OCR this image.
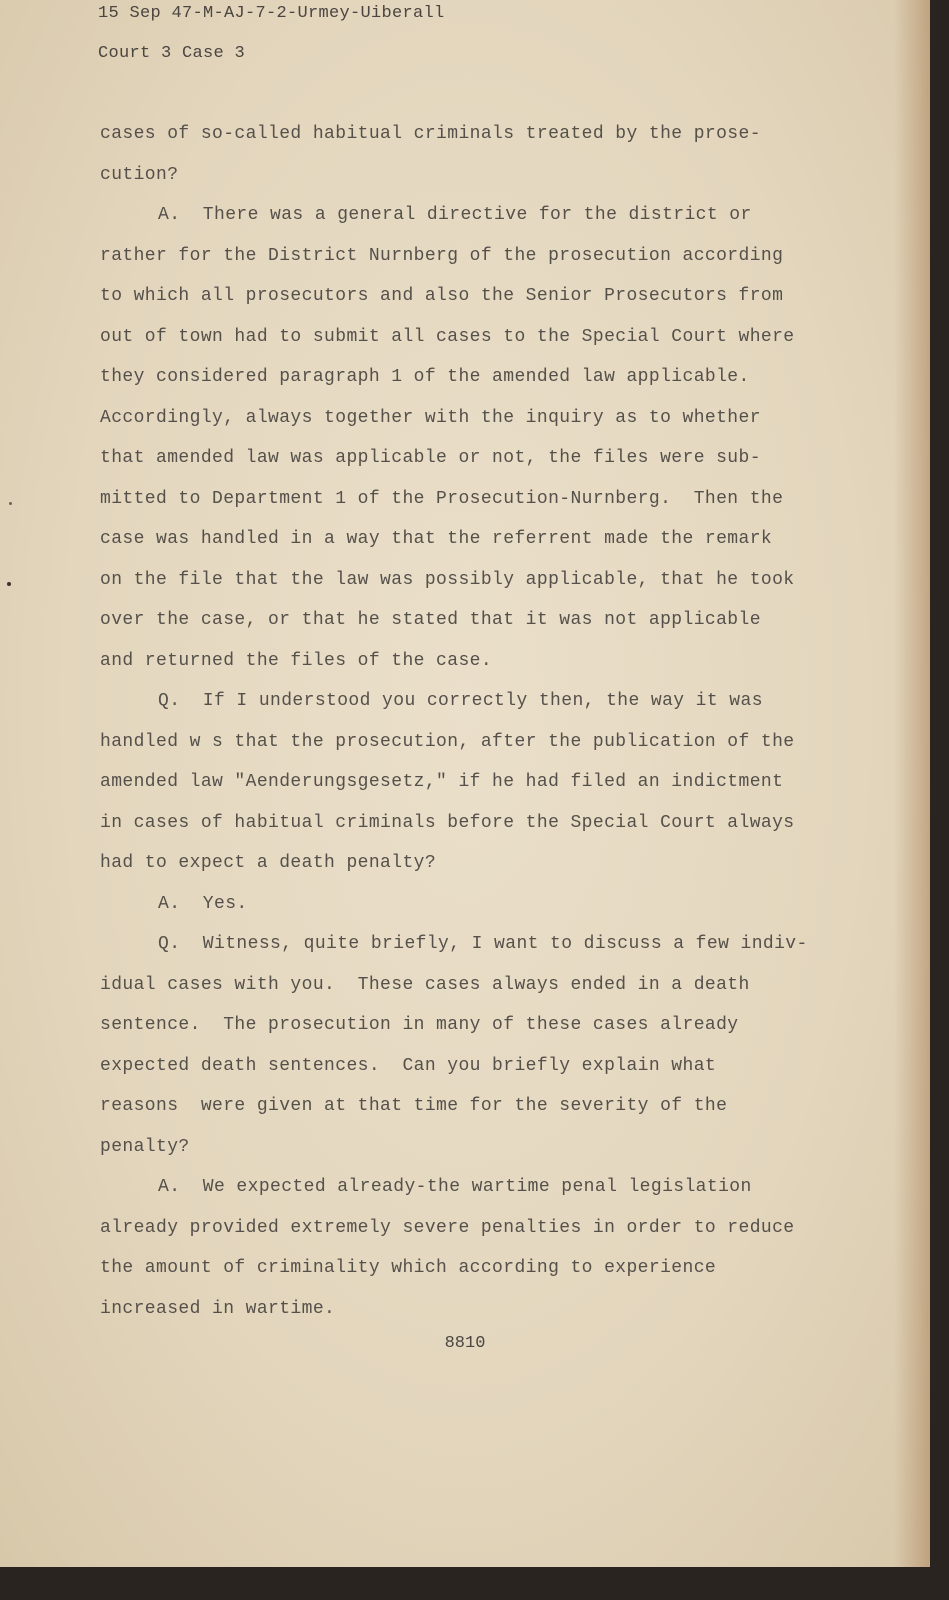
15 Sep 47-M-AJ-7-2-Urmey-Uiberall
Court 3 Case 3
cases of so-called habitual criminals treated by the prose-
cution?
A.  There was a general directive for the district or
rather for the District Nurnberg of the prosecution according
to which all prosecutors and also the Senior Prosecutors from
out of town had to submit all cases to the Special Court where
they considered paragraph 1 of the amended law applicable.
Accordingly, always together with the inquiry as to whether
that amended law was applicable or not, the files were sub-
mitted to Department 1 of the Prosecution-Nurnberg.  Then the
case was handled in a way that the referrent made the remark
on the file that the law was possibly applicable, that he took
over the case, or that he stated that it was not applicable
and returned the files of the case.
Q.  If I understood you correctly then, the way it was
handled w s that the prosecution, after the publication of the
amended law "Aenderungsgesetz," if he had filed an indictment
in cases of habitual criminals before the Special Court always
had to expect a death penalty?
A.  Yes.
Q.  Witness, quite briefly, I want to discuss a few indiv-
idual cases with you.  These cases always ended in a death
sentence.  The prosecution in many of these cases already
expected death sentences.  Can you briefly explain what
reasons  were given at that time for the severity of the
penalty?
A.  We expected already-the wartime penal legislation
already provided extremely severe penalties in order to reduce
the amount of criminality which according to experience
increased in wartime.
8810
